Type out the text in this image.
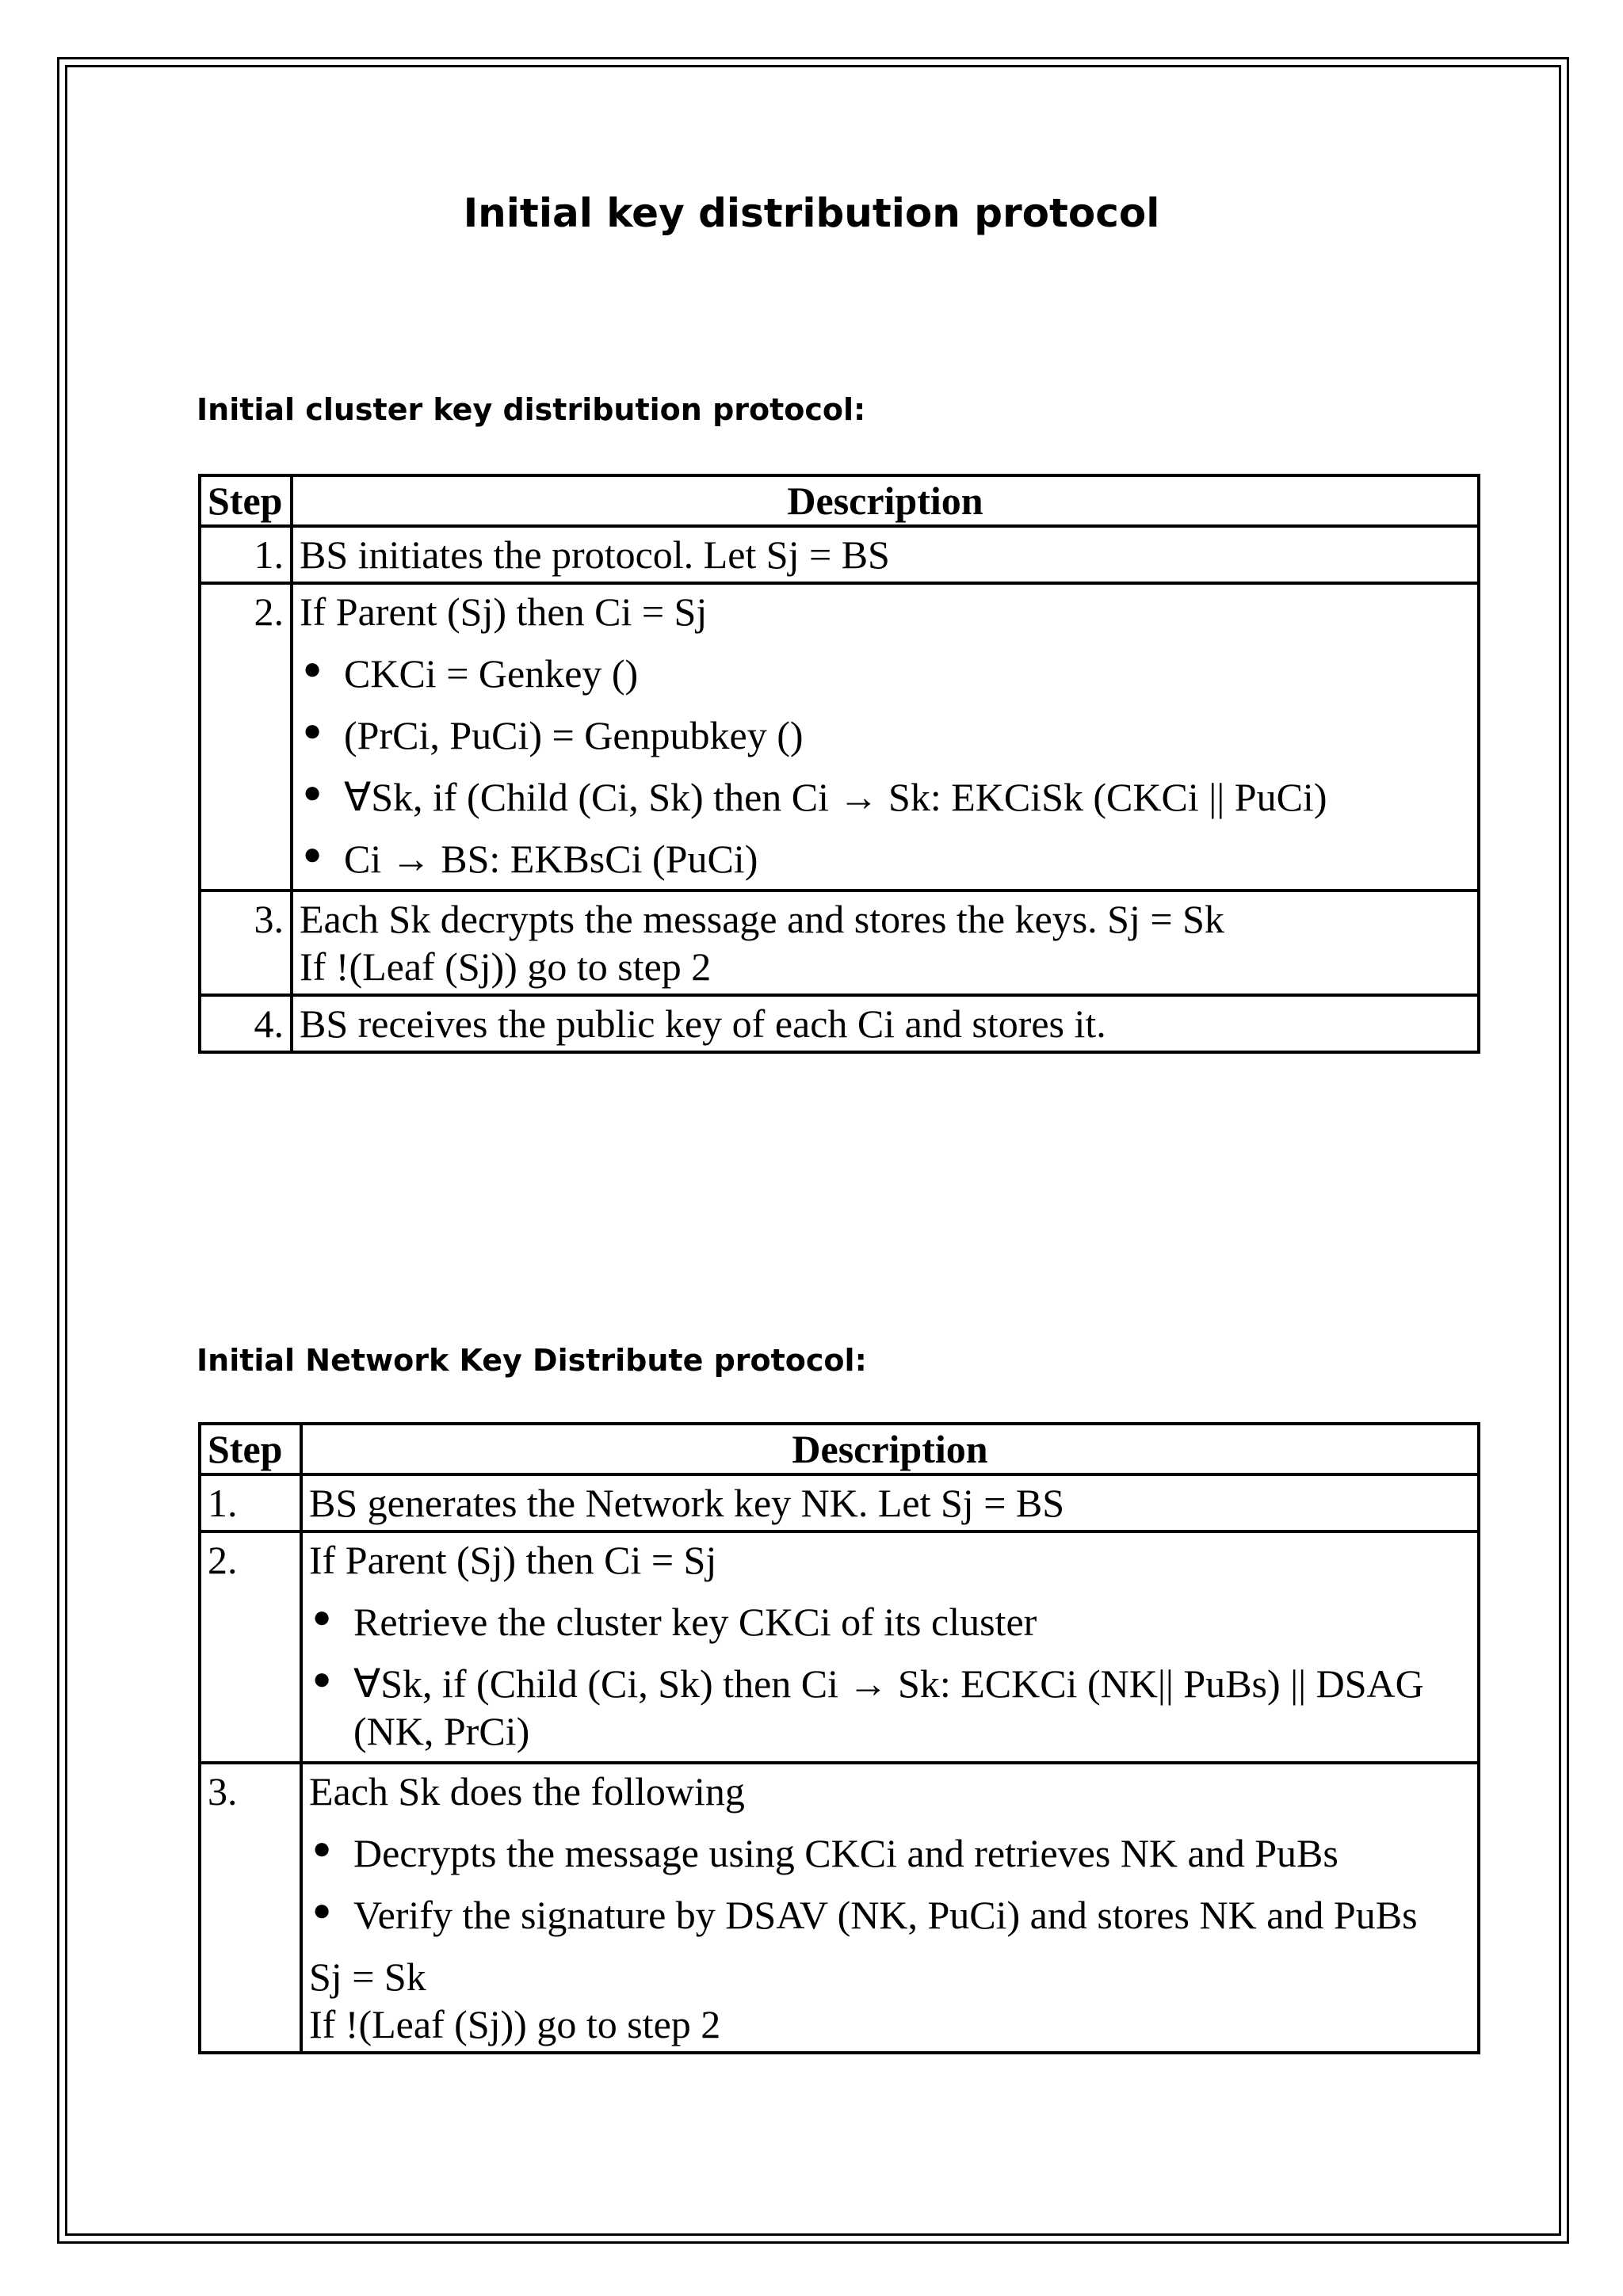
Initial key distribution protocol
Initial cluster key distribution protocol:
Step	Description
1.	BS initiates the protocol. Let Sj = BS

2.	If Parent (Sj) then Ci = Sj
● CKCi = Genkey ()
● (PrCi, PuCi) = Genpubkey ()
● ∀Sk, if (Child (Ci, Sk) then Ci → Sk: EKCiSk (CKCi || PuCi)
● Ci → BS: EKBsCi (PuCi)

3.	Each Sk decrypts the message and stores the keys. Sj = Sk
If !(Leaf (Sj)) go to step 2

4.	BS receives the public key of each Ci and stores it.
Initial Network Key Distribute protocol:
Step	Description
1.	BS generates the Network key NK. Let Sj = BS

2.	If Parent (Sj) then Ci = Sj
● Retrieve the cluster key CKCi of its cluster
● ∀Sk, if (Child (Ci, Sk) then Ci → Sk: ECKCi (NK|| PuBs) || DSAG (NK, PrCi)

3.	Each Sk does the following
● Decrypts the message using CKCi and retrieves NK and PuBs
● Verify the signature by DSAV (NK, PuCi) and stores NK and PuBs
Sj = Sk
If !(Leaf (Sj)) go to step 2
